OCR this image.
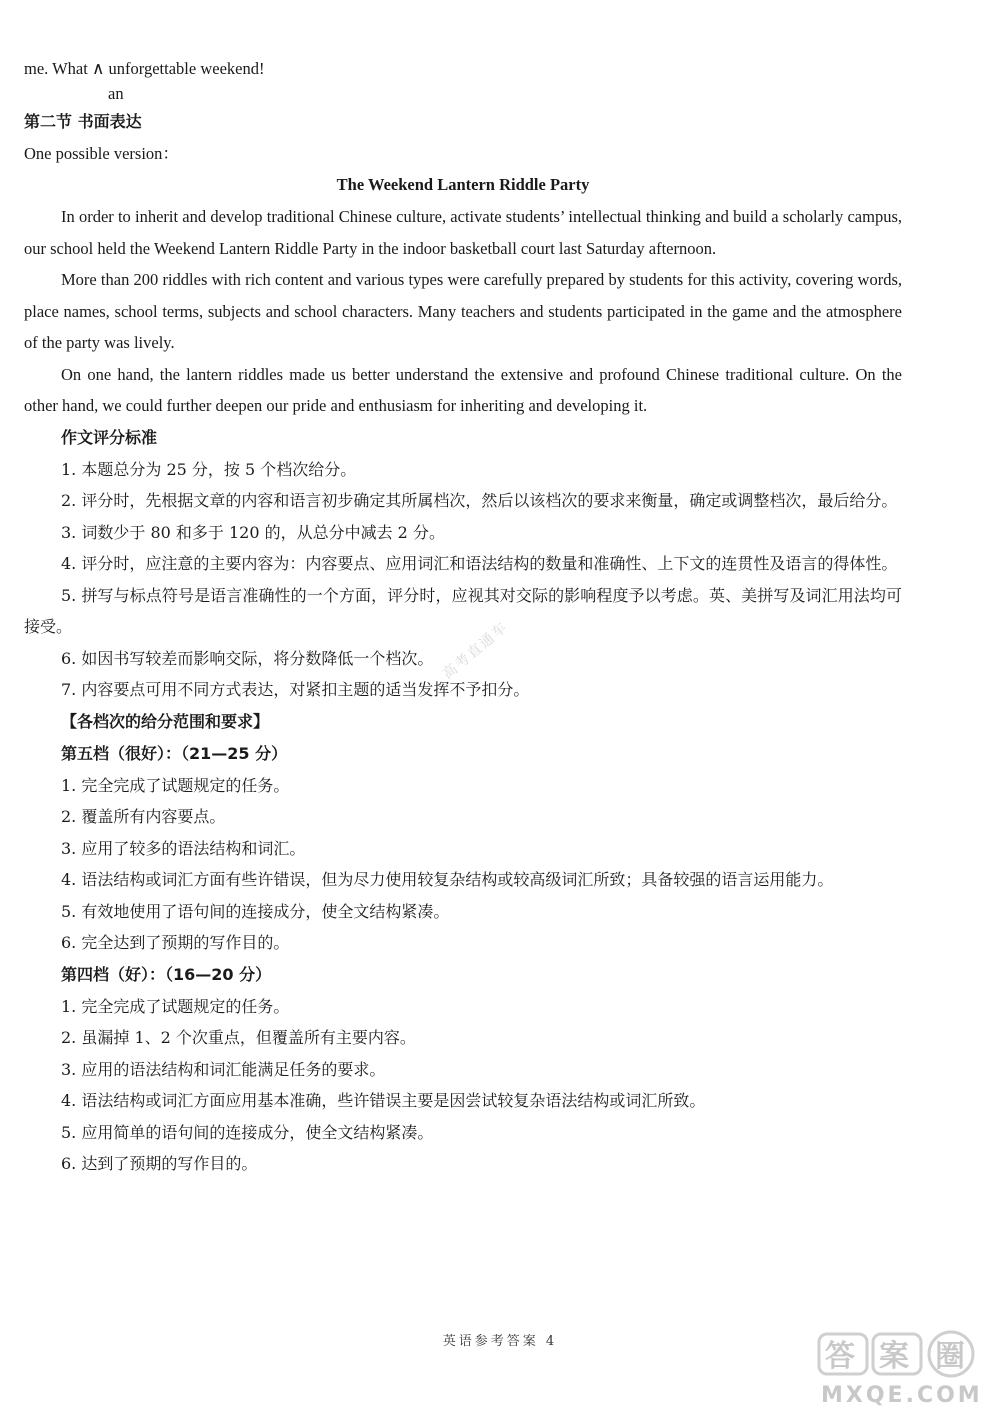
me. What ∧ unforgettable weekend!
an
第二节 书面表达
One possible version：
The Weekend Lantern Riddle Party
In order to inherit and develop traditional Chinese culture, activate students’ intellectual thinking and build a scholarly campus, our school held the Weekend Lantern Riddle Party in the indoor basketball court last Saturday afternoon.
More than 200 riddles with rich content and various types were carefully prepared by students for this activity, covering words, place names, school terms, subjects and school characters. Many teachers and students participated in the game and the atmosphere of the party was lively.
On one hand, the lantern riddles made us better understand the extensive and profound Chinese traditional culture. On the other hand, we could further deepen our pride and enthusiasm for inheriting and developing it.
作文评分标准
1. 本题总分为 25 分，按 5 个档次给分。
2. 评分时，先根据文章的内容和语言初步确定其所属档次，然后以该档次的要求来衡量，确定或调整档次，最后给分。
3. 词数少于 80 和多于 120 的，从总分中减去 2 分。
4. 评分时，应注意的主要内容为：内容要点、应用词汇和语法结构的数量和准确性、上下文的连贯性及语言的得体性。
5. 拼写与标点符号是语言准确性的一个方面，评分时，应视其对交际的影响程度予以考虑。英、美拼写及词汇用法均可接受。
6. 如因书写较差而影响交际，将分数降低一个档次。
7. 内容要点可用不同方式表达，对紧扣主题的适当发挥不予扣分。
【各档次的给分范围和要求】
第五档（很好）：（21—25 分）
1. 完全完成了试题规定的任务。
2. 覆盖所有内容要点。
3. 应用了较多的语法结构和词汇。
4. 语法结构或词汇方面有些许错误，但为尽力使用较复杂结构或较高级词汇所致；具备较强的语言运用能力。
5. 有效地使用了语句间的连接成分，使全文结构紧凑。
6. 完全达到了预期的写作目的。
第四档（好）：（16—20 分）
1. 完全完成了试题规定的任务。
2. 虽漏掉 1、2 个次重点，但覆盖所有主要内容。
3. 应用的语法结构和词汇能满足任务的要求。
4. 语法结构或词汇方面应用基本准确，些许错误主要是因尝试较复杂语法结构或词汇所致。
5. 应用简单的语句间的连接成分，使全文结构紧凑。
6. 达到了预期的写作目的。
高考直通车
英语参考答案 4	答 案 圈
MXQE.COM
